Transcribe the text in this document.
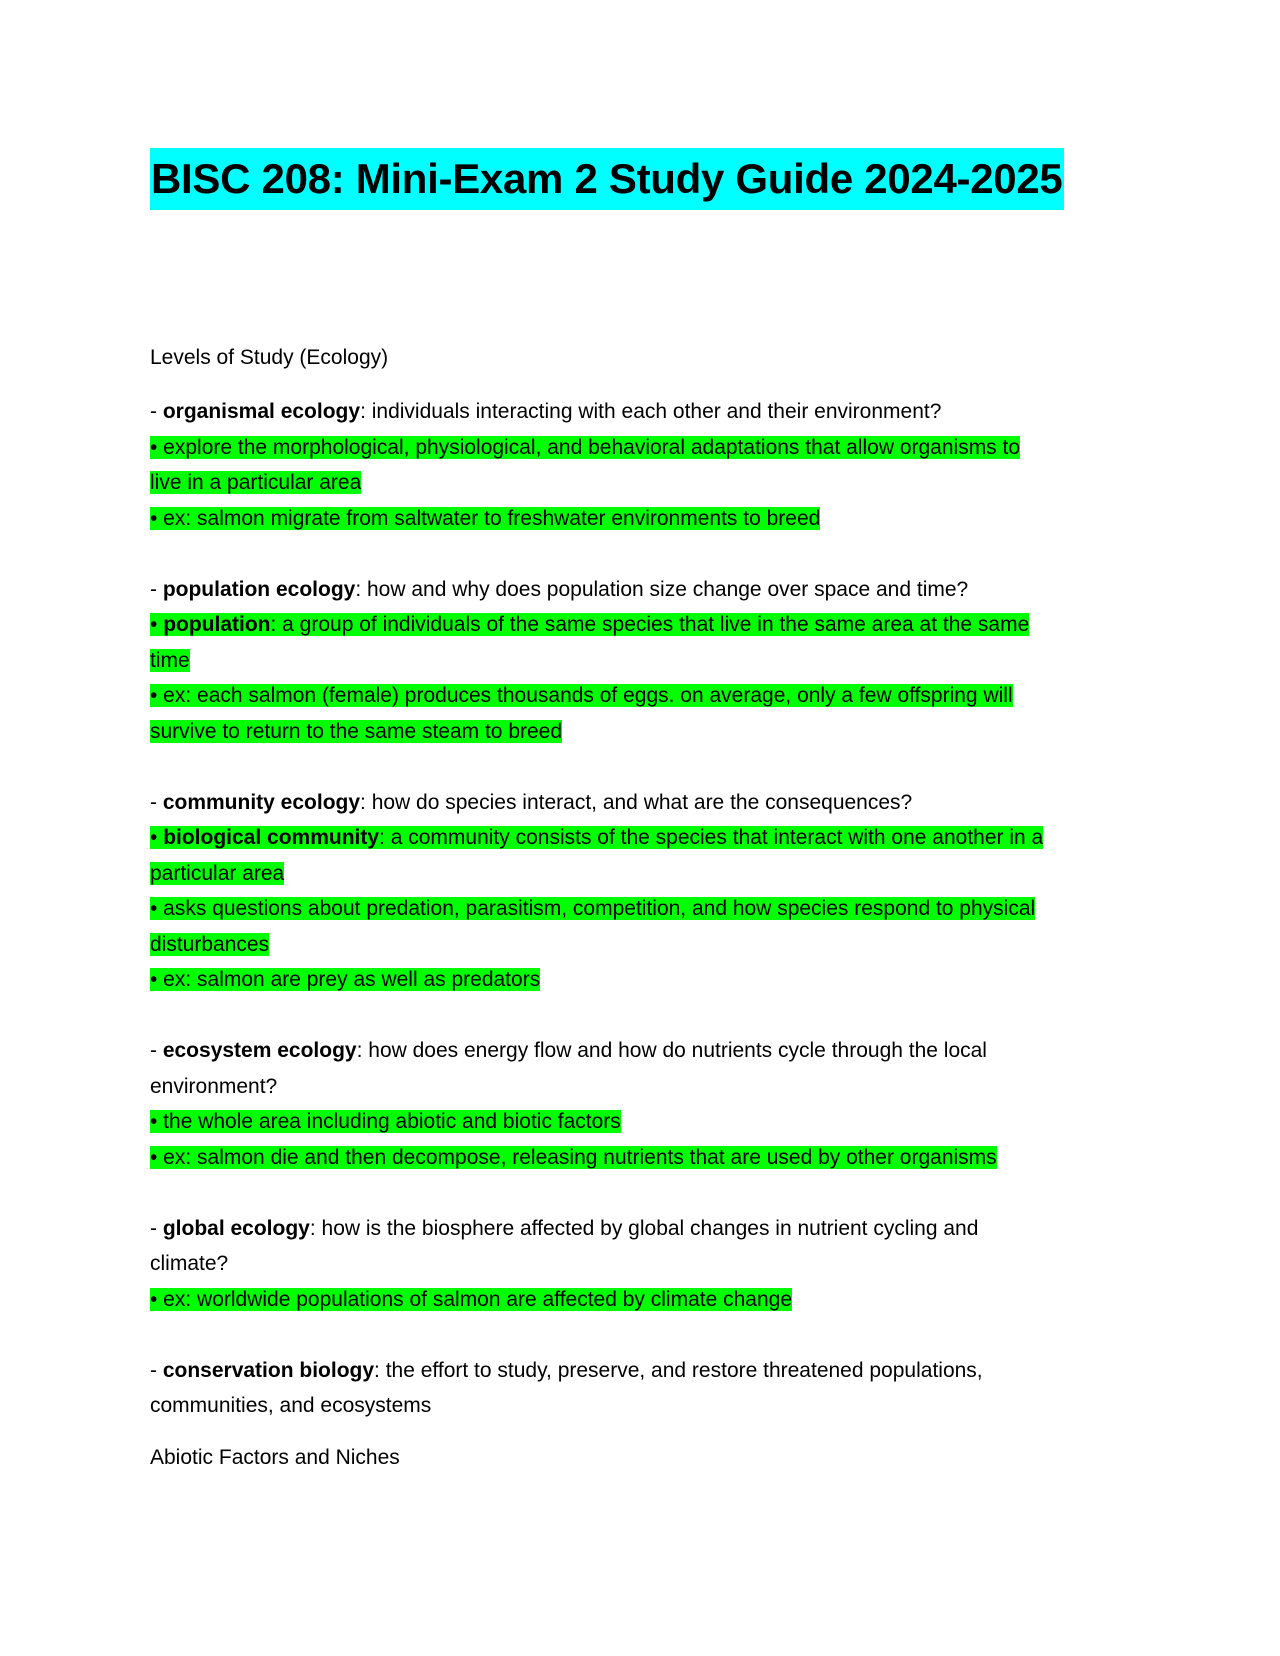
BISC 208: Mini-Exam 2 Study Guide 2024-2025

Levels of Study (Ecology)

- organismal ecology: individuals interacting with each other and their environment?
• explore the morphological, physiological, and behavioral adaptations that allow organisms to
live in a particular area
• ex: salmon migrate from saltwater to freshwater environments to breed
- population ecology: how and why does population size change over space and time?
• population: a group of individuals of the same species that live in the same area at the same
time
• ex: each salmon (female) produces thousands of eggs. on average, only a few offspring will
survive to return to the same steam to breed
- community ecology: how do species interact, and what are the consequences?
• biological community: a community consists of the species that interact with one another in a
particular area
• asks questions about predation, parasitism, competition, and how species respond to physical
disturbances
• ex: salmon are prey as well as predators
- ecosystem ecology: how does energy flow and how do nutrients cycle through the local
environment?
• the whole area including abiotic and biotic factors
• ex: salmon die and then decompose, releasing nutrients that are used by other organisms
- global ecology: how is the biosphere affected by global changes in nutrient cycling and
climate?
• ex: worldwide populations of salmon are affected by climate change
- conservation biology: the effort to study, preserve, and restore threatened populations,
communities, and ecosystems

Abiotic Factors and Niches
